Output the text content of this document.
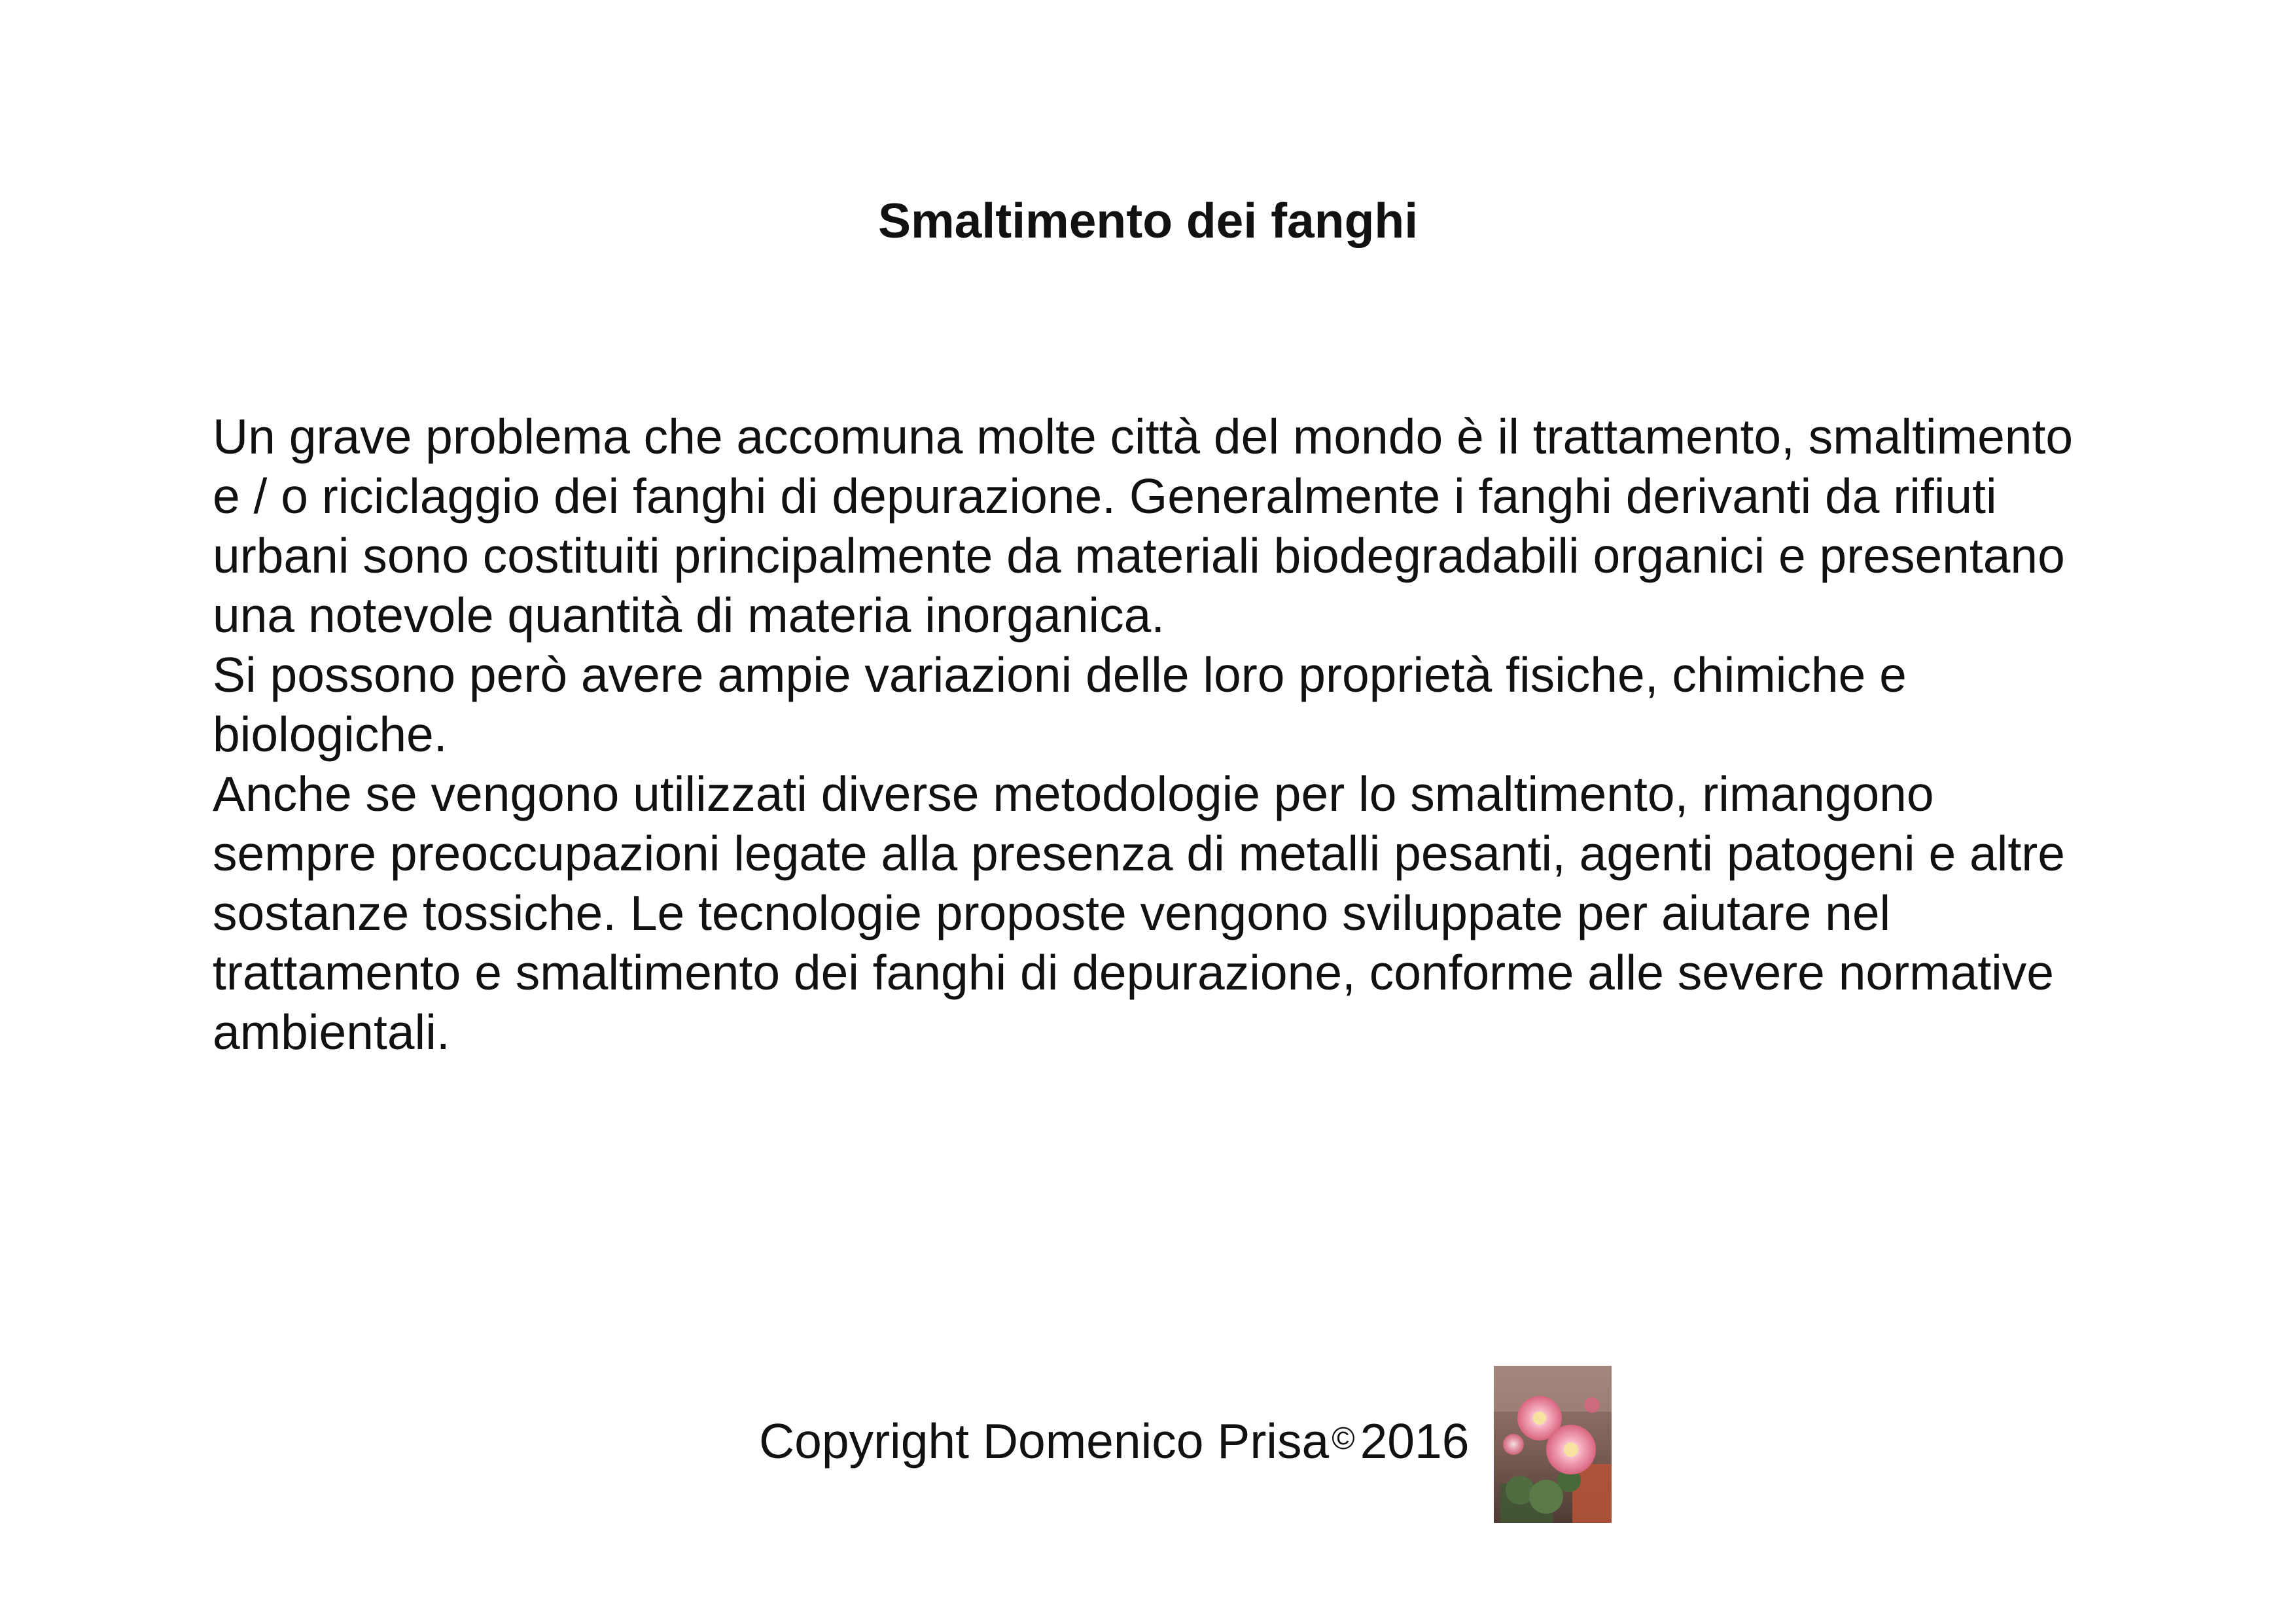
Smaltimento dei fanghi

Un grave problema che accomuna molte città del mondo è il trattamento, smaltimento e / o riciclaggio dei fanghi di depurazione. Generalmente i fanghi derivanti da rifiuti urbani sono costituiti principalmente da materiali biodegradabili organici e presentano una notevole quantità di materia inorganica.

Si possono però avere ampie variazioni delle loro proprietà fisiche, chimiche e biologiche.

Anche se vengono utilizzati diverse metodologie per lo smaltimento, rimangono sempre preoccupazioni legate alla presenza di metalli pesanti, agenti patogeni e altre sostanze tossiche. Le tecnologie proposte vengono sviluppate per aiutare nel trattamento e smaltimento dei fanghi di depurazione, conforme alle severe normative ambientali.

Copyright Domenico Prisa © 2016
